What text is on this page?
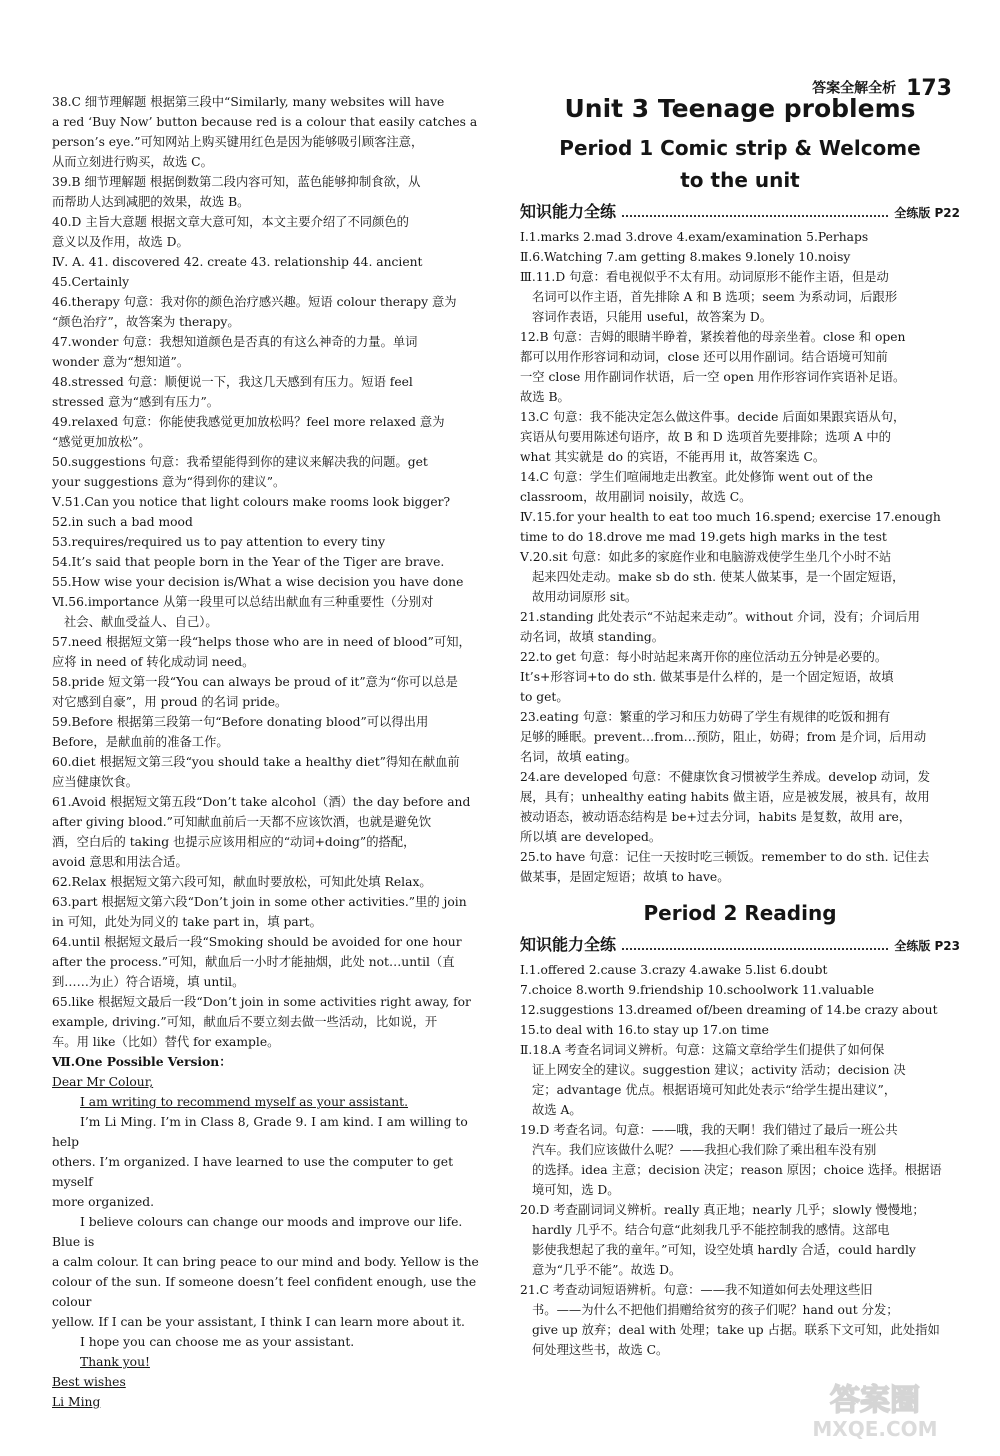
答案全解全析 173

38.C 细节理解题 根据第三段中“Similarly, many websites will have

a red ‘Buy Now’ button because red is a colour that easily catches a

person’s eye.”可知网站上购买键用红色是因为能够吸引顾客注意，

从而立刻进行购买，故选 C。

39.B 细节理解题 根据倒数第二段内容可知，蓝色能够抑制食欲，从

而帮助人达到减肥的效果，故选 B。

40.D 主旨大意题 根据文章大意可知，本文主要介绍了不同颜色的

意义以及作用，故选 D。

Ⅳ. A. 41. discovered 42. create 43. relationship 44. ancient

45.Certainly

46.therapy 句意：我对你的颜色治疗感兴趣。短语 colour therapy 意为

“颜色治疗”，故答案为 therapy。

47.wonder 句意：我想知道颜色是否真的有这么神奇的力量。单词

wonder 意为“想知道”。

48.stressed 句意：顺便说一下，我这几天感到有压力。短语 feel

stressed 意为“感到有压力”。

49.relaxed 句意：你能使我感觉更加放松吗？feel more relaxed 意为

“感觉更加放松”。

50.suggestions 句意：我希望能得到你的建议来解决我的问题。get

your suggestions 意为“得到你的建议”。

Ⅴ.51.Can you notice that light colours make rooms look bigger?

52.in such a bad mood

53.requires/required us to pay attention to every tiny

54.It’s said that people born in the Year of the Tiger are brave.

55.How wise your decision is/What a wise decision you have done

Ⅵ.56.importance 从第一段里可以总结出献血有三种重要性（分别对

社会、献血受益人、自己）。

57.need 根据短文第一段“helps those who are in need of blood”可知，

应将 in need of 转化成动词 need。

58.pride 短文第一段“You can always be proud of it”意为“你可以总是

对它感到自豪”，用 proud 的名词 pride。

59.Before 根据第三段第一句“Before donating blood”可以得出用

Before，是献血前的准备工作。

60.diet 根据短文第三段“you should take a healthy diet”得知在献血前

应当健康饮食。

61.Avoid 根据短文第五段“Don’t take alcohol（酒）the day before and

after giving blood.”可知献血前后一天都不应该饮酒，也就是避免饮

酒，空白后的 taking 也提示应该用相应的“动词+doing”的搭配，

avoid 意思和用法合适。

62.Relax 根据短文第六段可知，献血时要放松，可知此处填 Relax。

63.part 根据短文第六段“Don’t join in some other activities.”里的 join

in 可知，此处为同义的 take part in，填 part。

64.until 根据短文最后一段“Smoking should be avoided for one hour

after the process.”可知，献血后一小时才能抽烟，此处 not…until（直

到……为止）符合语境，填 until。

65.like 根据短文最后一段“Don’t join in some activities right away, for

example, driving.”可知，献血后不要立刻去做一些活动，比如说，开

车。用 like（比如）替代 for example。

Ⅶ.One Possible Version：

Dear Mr Colour,

I am writing to recommend myself as your assistant.

I’m Li Ming. I’m in Class 8, Grade 9. I am kind. I am willing to help

others. I’m organized. I have learned to use the computer to get myself

more organized.

I believe colours can change our moods and improve our life. Blue is

a calm colour. It can bring peace to our mind and body. Yellow is the

colour of the sun. If someone doesn’t feel confident enough, use the colour

yellow. If I can be your assistant, I think I can learn more about it.

I hope you can choose me as your assistant.

Thank you!

Best wishes

Li Ming

Unit 3 Teenage problems
Period 1 Comic strip & Welcome
to the unit
知识能力全练	全练版 P22

Ⅰ.1.marks 2.mad 3.drove 4.exam/examination 5.Perhaps

Ⅱ.6.Watching 7.am getting 8.makes 9.lonely 10.noisy

Ⅲ.11.D 句意：看电视似乎不太有用。动词原形不能作主语，但是动

名词可以作主语，首先排除 A 和 B 选项；seem 为系动词，后跟形

容词作表语，只能用 useful，故答案为 D。

12.B 句意：吉姆的眼睛半睁着，紧挨着他的母亲坐着。close 和 open

都可以用作形容词和动词，close 还可以用作副词。结合语境可知前

一空 close 用作副词作状语，后一空 open 用作形容词作宾语补足语。

故选 B。

13.C 句意：我不能决定怎么做这件事。decide 后面如果跟宾语从句，

宾语从句要用陈述句语序，故 B 和 D 选项首先要排除；选项 A 中的

what 其实就是 do 的宾语，不能再用 it，故答案选 C。

14.C 句意：学生们喧闹地走出教室。此处修饰 went out of the

classroom，故用副词 noisily，故选 C。

Ⅳ.15.for your health to eat too much 16.spend; exercise 17.enough

time to do 18.drove me mad 19.gets high marks in the test

Ⅴ.20.sit 句意：如此多的家庭作业和电脑游戏使学生坐几个小时不站

起来四处走动。make sb do sth. 使某人做某事，是一个固定短语，

故用动词原形 sit。

21.standing 此处表示“不站起来走动”。without 介词，没有；介词后用

动名词，故填 standing。

22.to get 句意：每小时站起来离开你的座位活动五分钟是必要的。

It’s+形容词+to do sth. 做某事是什么样的，是一个固定短语，故填

to get。

23.eating 句意：繁重的学习和压力妨碍了学生有规律的吃饭和拥有

足够的睡眠。prevent…from…预防，阻止，妨碍；from 是介词，后用动

名词，故填 eating。

24.are developed 句意：不健康饮食习惯被学生养成。develop 动词，发

展，具有；unhealthy eating habits 做主语，应是被发展，被具有，故用

被动语态，被动语态结构是 be+过去分词，habits 是复数，故用 are，

所以填 are developed。

25.to have 句意：记住一天按时吃三顿饭。remember to do sth. 记住去

做某事，是固定短语；故填 to have。

Period 2 Reading
知识能力全练	全练版 P23

Ⅰ.1.offered 2.cause 3.crazy 4.awake 5.list 6.doubt

7.choice 8.worth 9.friendship 10.schoolwork 11.valuable

12.suggestions 13.dreamed of/been dreaming of 14.be crazy about

15.to deal with 16.to stay up 17.on time

Ⅱ.18.A 考查名词词义辨析。句意：这篇文章给学生们提供了如何保

证上网安全的建议。suggestion 建议；activity 活动；decision 决

定；advantage 优点。根据语境可知此处表示“给学生提出建议”，

故选 A。

19.D 考查名词。句意：——哦，我的天啊！我们错过了最后一班公共

汽车。我们应该做什么呢？——我担心我们除了乘出租车没有别

的选择。idea 主意；decision 决定；reason 原因；choice 选择。根据语

境可知，选 D。

20.D 考查副词词义辨析。really 真正地；nearly 几乎；slowly 慢慢地；

hardly 几乎不。结合句意“此刻我几乎不能控制我的感情。这部电

影使我想起了我的童年。”可知，设空处填 hardly 合适，could hardly

意为“几乎不能”。故选 D。

21.C 考查动词短语辨析。句意：——我不知道如何去处理这些旧

书。——为什么不把他们捐赠给贫穷的孩子们呢？hand out 分发；

give up 放弃；deal with 处理；take up 占据。联系下文可知，此处指如

何处理这些书，故选 C。

答案圈
MXQE.COM
